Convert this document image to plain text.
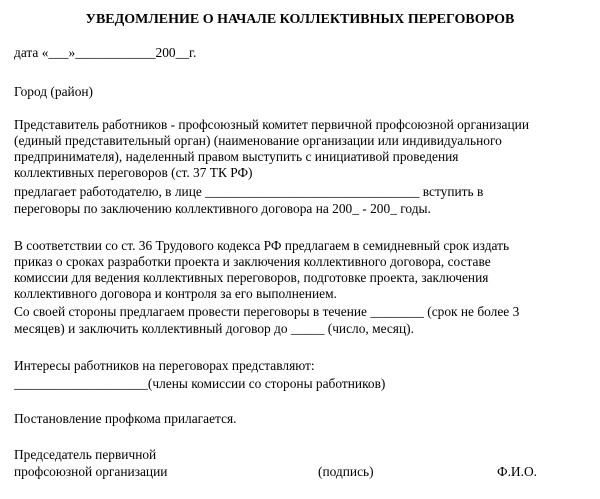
УВЕДОМЛЕНИЕ О НАЧАЛЕ КОЛЛЕКТИВНЫХ ПЕРЕГОВОРОВ
дата «___»____________200__г.
Город (район)
Представитель работников - профсоюзный комитет первичной профсоюзной организации
(единый представительный орган) (наименование организации или индивидуального
предпринимателя), наделенный правом выступить с инициативой проведения
коллективных переговоров (ст. 37 ТК РФ)
предлагает работодателю, в лице ________________________________ вступить в
переговоры по заключению коллективного договора на 200_ - 200_ годы.
В соответствии со ст. 36 Трудового кодекса РФ предлагаем в семидневный срок издать
приказ о сроках разработки проекта и заключения коллективного договора, составе
комиссии для ведения коллективных переговоров, подготовке проекта, заключения
коллективного договора и контроля за его выполнением.
Со своей стороны предлагаем провести переговоры в течение ________ (срок не более 3
месяцев) и заключить коллективный договор до _____ (число, месяц).
Интересы работников на переговорах представляют:
____________________(члены комиссии со стороны работников)
Постановление профкома прилагается.
Председатель первичной
профсоюзной организации	(подпись)	Ф.И.О.
